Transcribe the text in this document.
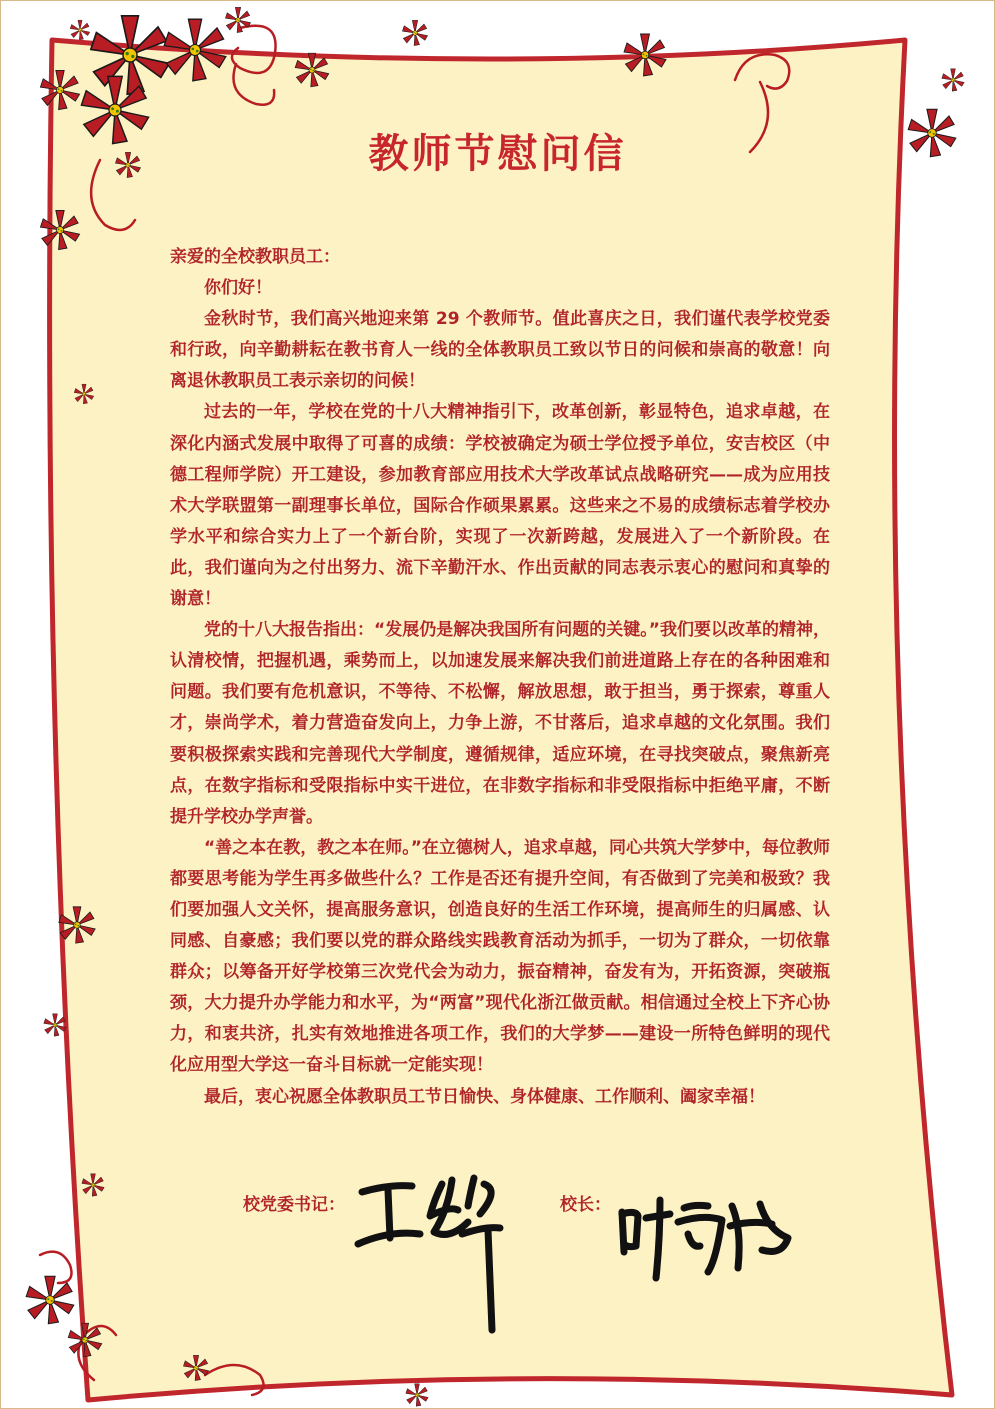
教师节慰问信

亲爱的全校教职员工：

你们好！

金秋时节，我们高兴地迎来第 29 个教师节。值此喜庆之日，我们谨代表学校党委和行政，向辛勤耕耘在教书育人一线的全体教职员工致以节日的问候和崇高的敬意！向离退休教职员工表示亲切的问候！

过去的一年，学校在党的十八大精神指引下，改革创新，彰显特色，追求卓越，在深化内涵式发展中取得了可喜的成绩：学校被确定为硕士学位授予单位，安吉校区（中德工程师学院）开工建设，参加教育部应用技术大学改革试点战略研究——成为应用技术大学联盟第一副理事长单位，国际合作硕果累累。这些来之不易的成绩标志着学校办学水平和综合实力上了一个新台阶，实现了一次新跨越，发展进入了一个新阶段。在此，我们谨向为之付出努力、流下辛勤汗水、作出贡献的同志表示衷心的慰问和真挚的谢意！

党的十八大报告指出：“发展仍是解决我国所有问题的关键。”我们要以改革的精神，认清校情，把握机遇，乘势而上，以加速发展来解决我们前进道路上存在的各种困难和问题。我们要有危机意识，不等待、不松懈，解放思想，敢于担当，勇于探索，尊重人才，崇尚学术，着力营造奋发向上，力争上游，不甘落后，追求卓越的文化氛围。我们要积极探索实践和完善现代大学制度，遵循规律，适应环境，在寻找突破点，聚焦新亮点，在数字指标和受限指标中实干进位，在非数字指标和非受限指标中拒绝平庸，不断提升学校办学声誉。

“善之本在教，教之本在师。”在立德树人，追求卓越，同心共筑大学梦中，每位教师都要思考能为学生再多做些什么？工作是否还有提升空间，有否做到了完美和极致？我们要加强人文关怀，提高服务意识，创造良好的生活工作环境，提高师生的归属感、认同感、自豪感；我们要以党的群众路线实践教育活动为抓手，一切为了群众，一切依靠群众；以筹备开好学校第三次党代会为动力，振奋精神，奋发有为，开拓资源，突破瓶颈，大力提升办学能力和水平，为“两富”现代化浙江做贡献。相信通过全校上下齐心协力，和衷共济，扎实有效地推进各项工作，我们的大学梦——建设一所特色鲜明的现代化应用型大学这一奋斗目标就一定能实现！

最后，衷心祝愿全体教职员工节日愉快、身体健康、工作顺利、阖家幸福！

校党委书记：	校长：
